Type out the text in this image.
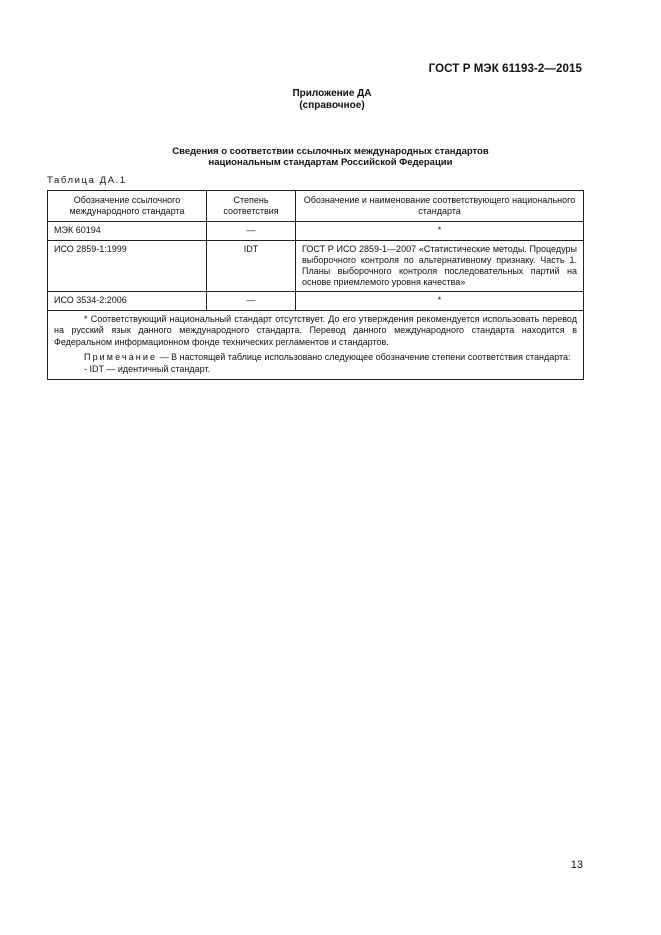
ГОСТ Р МЭК 61193-2—2015
Приложение ДА
(справочное)
Сведения о соответствии ссылочных международных стандартов
национальным стандартам Российской Федерации
Таблица ДА.1
Обозначение ссылочного международного стандарта	Степень соответствия	Обозначение и наименование соответствующего национального стандарта
МЭК 60194	—	*
ИСО 2859-1:1999	IDT	ГОСТ Р ИСО 2859-1—2007 «Статистические методы. Процедуры выборочного контроля по альтернативному признаку. Часть 1. Планы выборочного контроля последовательных партий на основе приемлемого уровня качества»
ИСО 3534-2:2006	—	*

* Соответствующий национальный стандарт отсутствует. До его утверждения рекомендуется использовать перевод на русский язык данного международного стандарта. Перевод данного международного стандарта находится в Федеральном информационном фонде технических регламентов и стандартов.

Примечание — В настоящей таблице использовано следующее обозначение степени соответствия стандарта:

- IDT — идентичный стандарт.		

13
